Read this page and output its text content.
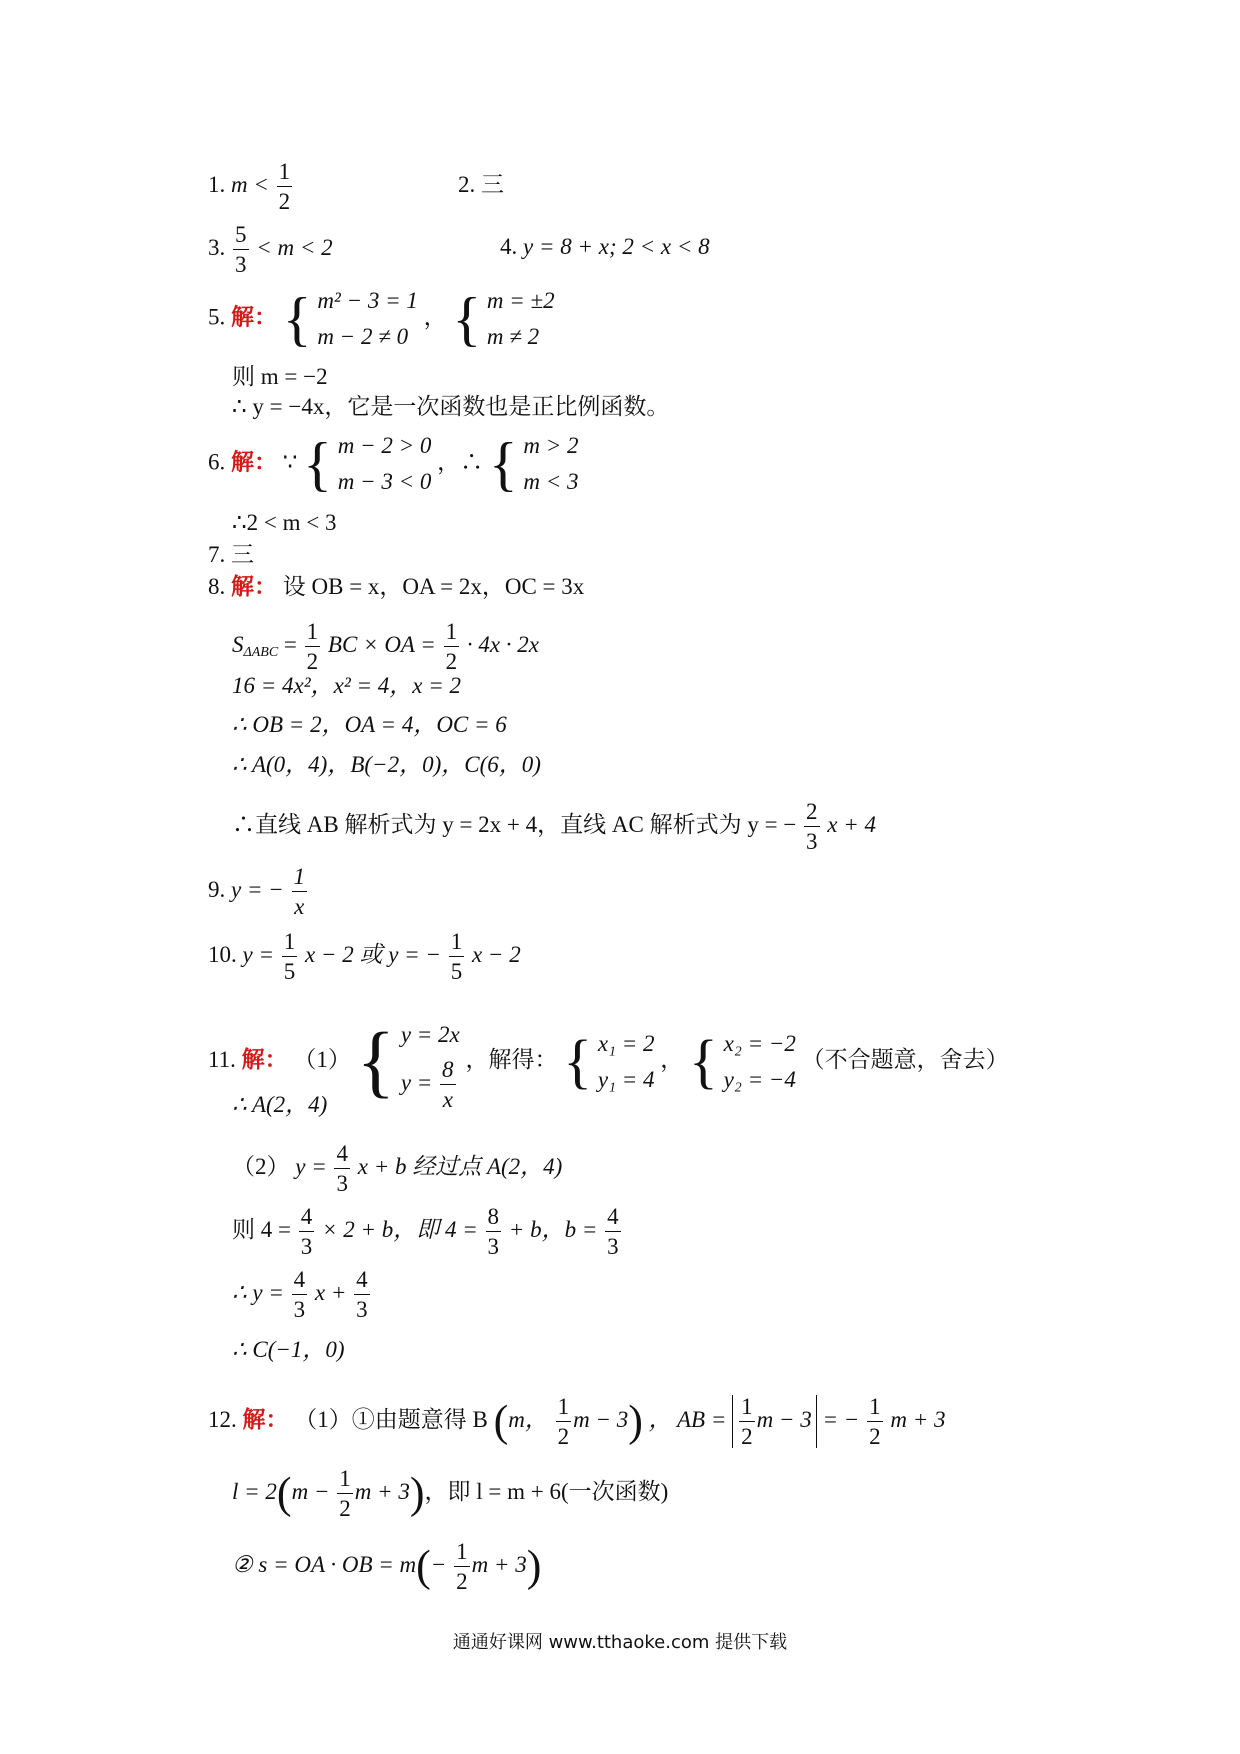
1. $m < \frac{1}{2}$	2. 三
3. $\frac{5}{3} < m < 2$	4. y = 8 + x; 2 < x < 8
5. 解： { m² − 3 = 1
m − 2 ≠ 0
， { m = ±2
m ≠ 2
则 m = −2
∴ y = −4x，它是一次函数也是正比例函数。
6. 解： ∵ { m − 2 > 0
m − 3 < 0
，∴ { m > 2
m < 3
∴2 < m < 3
7. 三
8. 解： 设 OB = x，OA = 2x，OC = 3x
$S_{\Delta ABC} = \frac{1}{2}$ BC × OA = $\frac{1}{2} \cdot 4x \cdot 2x$
16 = 4x²，x² = 4，x = 2
∴ OB = 2，OA = 4，OC = 6
∴ A(0，4)，B(−2，0)，C(6，0)
∴直线 AB 解析式为 y = 2x + 4，直线 AC 解析式为 y = − $\frac{2}{3}$ x + 4
9. y = − $\frac{1}{x}$
10. $y = \frac{1}{5}$ x − 2 或 y = − $\frac{1}{5}$ x − 2
11. 解： （1） { y = 2x
$y = \frac{8}{x}$ ，解得： { x₁ = 2
y₁ = 4
， { x₂ = −2
y₂ = −4
（不合题意，舍去）
∴ A(2，4)
（2） $y = \frac{4}{3}$ x + b 经过点 A(2，4)
则 $4 = \frac{4}{3} \times 2 + b$，即 $4 = \frac{8}{3} + b$，$b = \frac{4}{3}$
∴ $y = \frac{4}{3}$ $x + \frac{4}{3}$
∴ C(−1，0)
12. 解： （1）①由题意得 B (m， $\frac{1}{2}$ m − 3) ， AB = $\frac{1}{2}$ m − 3 = − $\frac{1}{2}$ m + 3
$l = 2(m - \frac{1}{2}$ m + 3)，即 l = m + 6(一次函数)
② s = OA · OB = $m(- \frac{1}{2}$ m + 3)
通通好课网 www.tthaoke.com 提供下载
